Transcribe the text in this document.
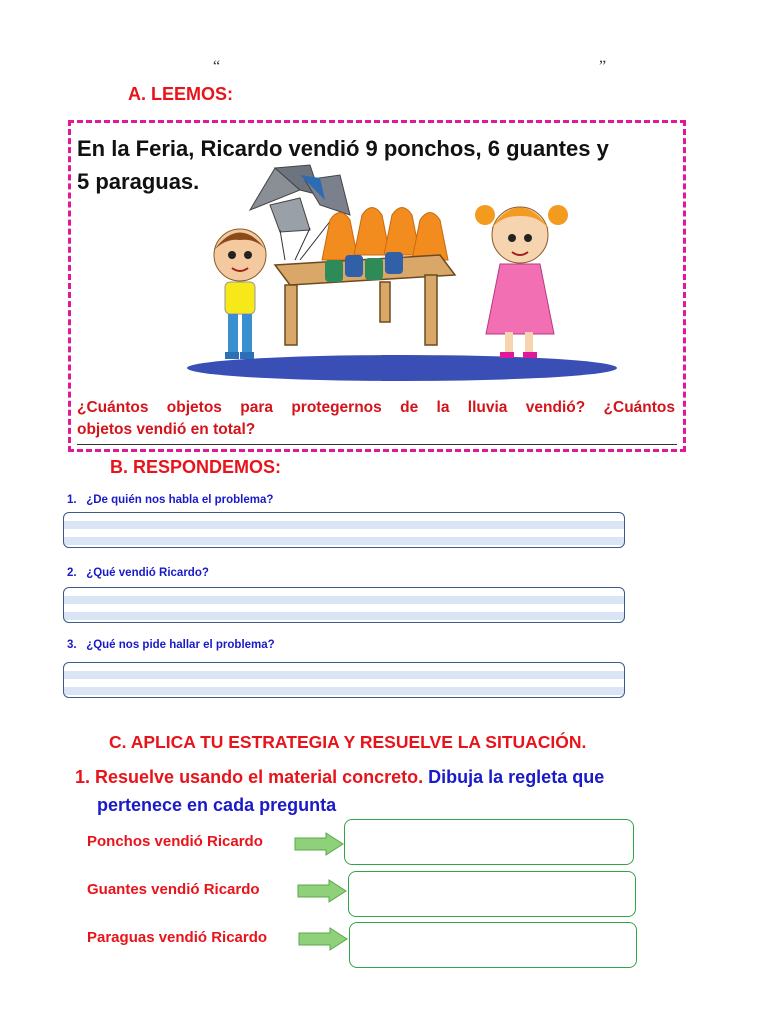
“	”
A. LEEMOS:
En la Feria, Ricardo vendió 9 ponchos, 6 guantes y
5 paraguas.
¿Cuántos objetos para protegernos de la lluvia vendió? ¿Cuántos
objetos vendió en total?
B. RESPONDEMOS:
1. ¿De quién nos habla el problema?
2. ¿Qué vendió Ricardo?
3. ¿Qué nos pide hallar el problema?
C. APLICA TU ESTRATEGIA Y RESUELVE LA SITUACIÓN.
1. Resuelve usando el material concreto. Dibuja la regleta que
pertenece en cada pregunta
Ponchos vendió Ricardo
Guantes vendió Ricardo
Paraguas vendió Ricardo
